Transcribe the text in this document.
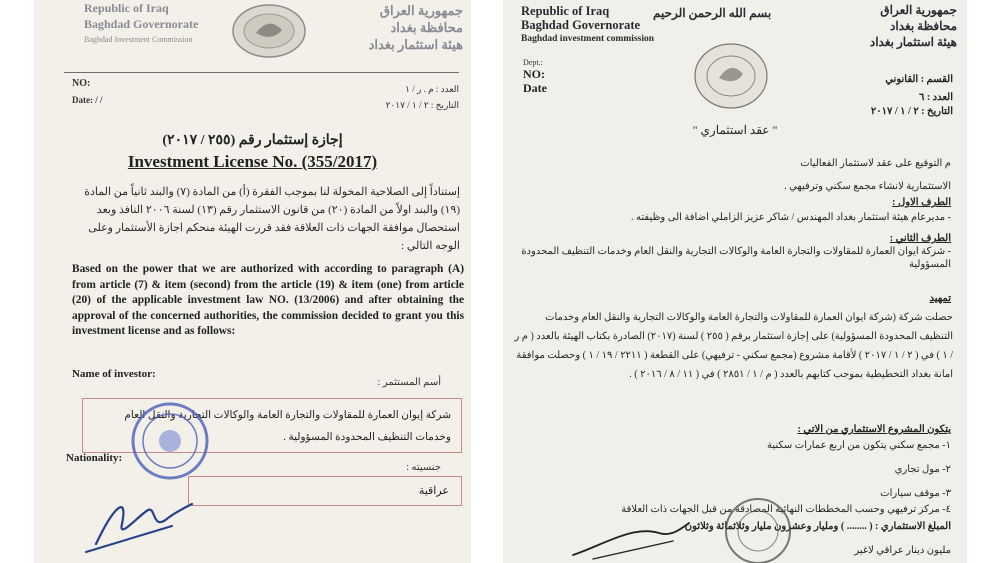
Republic of Iraq
Baghdad Governorate
Baghdad Investment Commission
جمهورية العراق
محافظة بغداد
هيئة استثمار بغداد
NO:
Date: / /
العدد : م . ر / ١
التاريخ : ٢ / ١ / ٢٠١٧
إجازة إستثمار رقم (٢٥٥ / ٢٠١٧)
Investment License No. (355/2017)
إستناداً إلى الصلاحية المخولة لنا بموجب الفقرة (أ) من المادة (٧) والبند ثانياً من المادة (١٩) والبند اولاً من المادة (٢٠) من قانون الاستثمار رقم (١٣) لسنة ٢٠٠٦ النافذ وبعد استحصال موافقة الجهات ذات العلاقة فقد قررت الهيئة منحكم اجازة الأستثمار وعلى الوجه التالي :
Based on the power that we are authorized with according to paragraph (A) from article (7) & item (second) from the article (19) & item (one) from article (20) of the applicable investment law NO. (13/2006) and after obtaining the approval of the concerned authorities, the commission decided to grant you this investment license and as follows:
Name of investor:
أسم المستثمر :
شركة إيوان العمارة للمقاولات والتجارة العامة والوكالات التجارية والنقل العام وخدمات التنظيف المحدودة المسؤولية .
Nationality:
جنسيته :
عراقية
Republic of Iraq
Baghdad Governorate
Baghdad investment commission
بسم الله الرحمن الرحيم	جمهورية العراق
محافظة بغداد
هيئة استثمار بغداد
Dept.:
NO:
Date
القسم : القانوني
العدد : ٦
التاريخ : ٢ / ١ / ٢٠١٧
" عقد استثماري "
م التوقيع على عقد لاستثمار الفعاليات
الاستثمارية لانشاء مجمع سكني وترفيهي .
الطرف الاول :
- مديرعام هيئة استثمار بغداد المهندس / شاكر عزيز الزاملي اضافة الى وظيفته .
الطرف الثاني :
- شركة ايوان العمارة للمقاولات والتجارة العامة والوكالات التجارية والنقل العام وخدمات التنظيف المحدودة المسؤولية
تمهيد
حصلت شركة (شركة ايوان العمارة للمقاولات والتجارة العامة والوكالات التجارية والنقل العام وخدمات التنظيف المحدودة المسؤولية) على إجازة استثمار برقم ( ٢٥٥ ) لسنة (٢٠١٧) الصادرة بكتاب الهيئة بالعدد ( م ر / ١ ) في ( ٢ / ١ / ٢٠١٧ ) لأقامة مشروع (مجمع سكني - ترفيهي) على القطعة ( ٢٢١١ / ١٩ / ١ ) وحصلت موافقة امانة بغداد التخطيطية بموجب كتابهم بالعدد ( م / ١ / ٢٨٥١ ) في ( ١١ / ٨ / ٢٠١٦ ) .
يتكون المشروع الاستثماري من الاتي :
١- مجمع سكني يتكون من اربع عمارات سكنية
٢- مول تجاري
٣- موقف سيارات
٤- مركز ترفيهي وحسب المخططات النهائية المصادقة من قبل الجهات ذات العلاقة
المبلغ الاستثماري : ( ........ ) ومليار وعشرون مليار وثلاثمائة وثلاثون
مليون دينار عراقي لاغير
